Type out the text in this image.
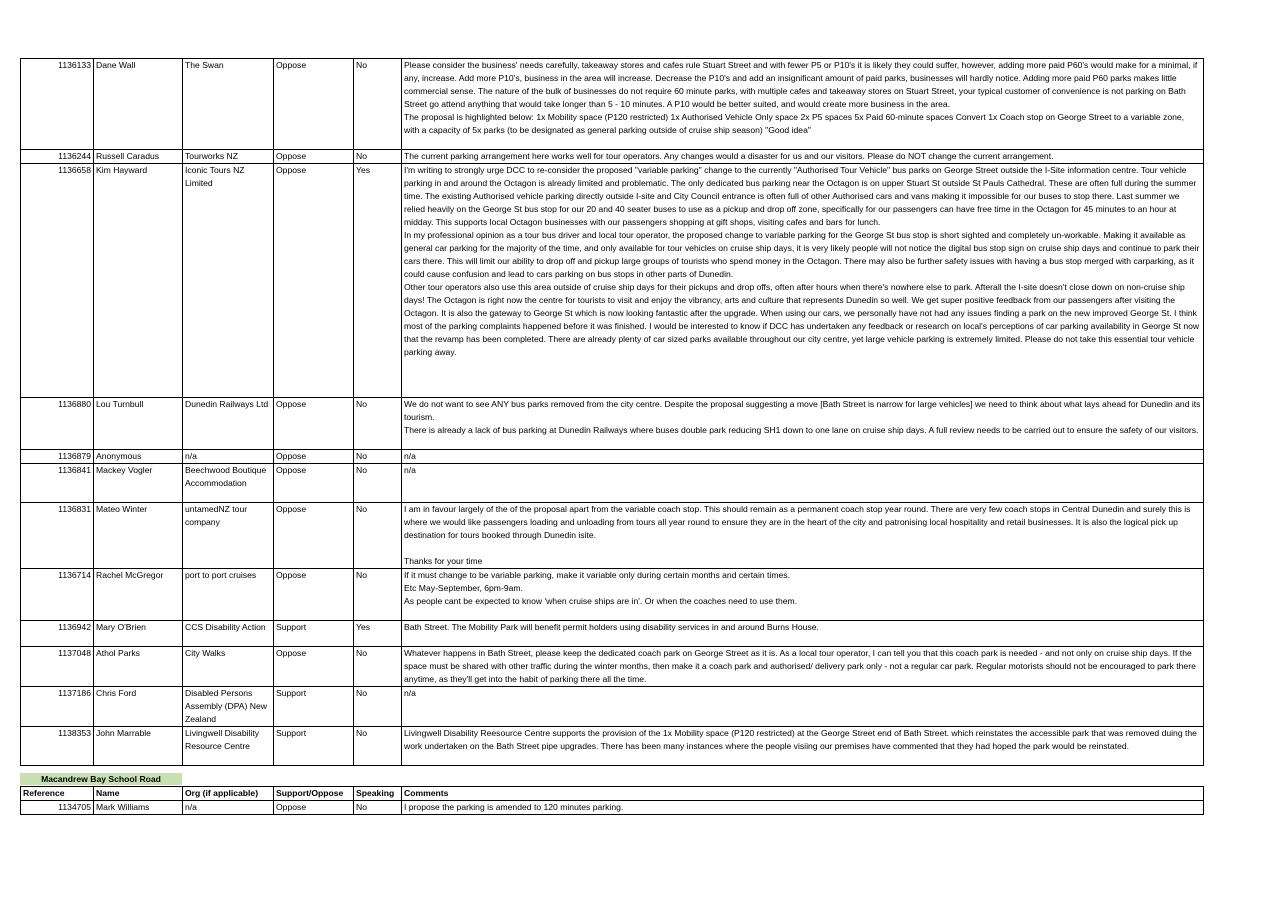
1136133	Dane Wall	The Swan	Oppose	No	Please consider the business' needs carefully, takeaway stores and cafes rule Stuart Street and with fewer P5 or P10's it is likely they could suffer, however, adding more paid P60's would make for a minimal, if any, increase. Add more P10's, business in the area will increase. Decrease the P10's and add an insignificant amount of paid parks, businesses will hardly notice. Adding more paid P60 parks makes little commercial sense. The nature of the bulk of businesses do not require 60 minute parks, with multiple cafes and takeaway stores on Stuart Street, your typical customer of convenience is not parking on Bath Street go attend anything that would take longer than 5 - 10 minutes. A P10 would be better suited, and would create more business in the area.

The proposal is highlighted below: 1x Mobility space (P120 restricted) 1x Authorised Vehicle Only space 2x P5 spaces 5x Paid 60-minute spaces Convert 1x Coach stop on George Street to a variable zone, with a capacity of 5x parks (to be designated as general parking outside of cruise ship season) "Good idea"

1136244	Russell Caradus	Tourworks NZ	Oppose	No	The current parking arrangement here works well for tour operators. Any changes would a disaster for us and our visitors. Please do NOT change the current arrangement.

1136658	Kim Hayward	Iconic Tours NZ Limited	Oppose	Yes	I'm writing to strongly urge DCC to re-consider the proposed "variable parking" change to the currently "Authorised Tour Vehicle" bus parks on George Street outside the I-Site information centre. Tour vehicle parking in and around the Octagon is already limited and problematic. The only dedicated bus parking near the Octagon is on upper Stuart St outside St Pauls Cathedral. These are often full during the summer time. The existing Authorised vehicle parking directly outside I-site and City Council entrance is often full of other Authorised cars and vans making it impossible for our buses to stop there. Last summer we relied heavily on the George St bus stop for our 20 and 40 seater buses to use as a pickup and drop off zone, specifically for our passengers can have free time in the Octagon for 45 minutes to an hour at midday. This supports local Octagon businesses with our passengers shopping at gift shops, visiting cafes and bars for lunch.

In my professional opinion as a tour bus driver and local tour operator, the proposed change to variable parking for the George St bus stop is short sighted and completely un-workable. Making it available as general car parking for the majority of the time, and only available for tour vehicles on cruise ship days, it is very likely people will not notice the digital bus stop sign on cruise ship days and continue to park their cars there. This will limit our ability to drop off and pickup large groups of tourists who spend money in the Octagon. There may also be further safety issues with having a bus stop merged with carparking, as it could cause confusion and lead to cars parking on bus stops in other parts of Dunedin.

Other tour operators also use this area outside of cruise ship days for their pickups and drop offs, often after hours when there's nowhere else to park. Afterall the I-site doesn't close down on non-cruise ship days! The Octagon is right now the centre for tourists to visit and enjoy the vibrancy, arts and culture that represents Dunedin so well. We get super positive feedback from our passengers after visiting the Octagon. It is also the gateway to George St which is now looking fantastic after the upgrade. When using our cars, we personally have not had any issues finding a park on the new improved George St. I think most of the parking complaints happened before it was finished. I would be interested to know if DCC has undertaken any feedback or research on local's perceptions of car parking availability in George St now that the revamp has been completed. There are already plenty of car sized parks available throughout our city centre, yet large vehicle parking is extremely limited. Please do not take this essential tour vehicle parking away.

1136880	Lou Turnbull	Dunedin Railways Ltd	Oppose	No	We do not want to see ANY bus parks removed from the city centre. Despite the proposal suggesting a move [Bath Street is narrow for large vehicles] we need to think about what lays ahead for Dunedin and its tourism.

There is already a lack of bus parking at Dunedin Railways where buses double park reducing SH1 down to one lane on cruise ship days. A full review needs to be carried out to ensure the safety of our visitors.

1136879	Anonymous	n/a	Oppose	No	n/a

1136841	Mackey Vogler	Beechwood Boutique Accommodation	Oppose	No	n/a

1136831	Mateo Winter	untamedNZ tour company	Oppose	No	I am in favour largely of the of the proposal apart from the variable coach stop. This should remain as a permanent coach stop year round. There are very few coach stops in Central Dunedin and surely this is where we would like passengers loading and unloading from tours all year round to ensure they are in the heart of the city and patronising local hospitality and retail businesses. It is also the logical pick up destination for tours booked through Dunedin isite.

Thanks for your time

1136714	Rachel McGregor	port to port cruises	Oppose	No	If it must change to be variable parking, make it variable only during certain months and certain times.

Etc May-September, 6pm-9am.

As people cant be expected to know 'when cruise ships are in'. Or when the coaches need to use them.

1136942	Mary O'Brien	CCS Disability Action	Support	Yes	Bath Street. The Mobility Park will benefit permit holders using disability services in and around Burns House.

1137048	Athol Parks	City Walks	Oppose	No	Whatever happens in Bath Street, please keep the dedicated coach park on George Street as it is. As a local tour operator, I can tell you that this coach park is needed - and not only on cruise ship days. If the space must be shared with other traffic during the winter months, then make it a coach park and authorised/ delivery park only - not a regular car park. Regular motorists should not be encouraged to park there anytime, as they'll get into the habit of parking there all the time.

1137186	Chris Ford	Disabled Persons Assembly (DPA) New Zealand	Support	No	n/a

1138353	John Marrable	Livingwell Disability Resource Centre	Support	No	Livingwell Disability Reesource Centre supports the provision of the 1x Mobility space (P120 restricted) at the George Street end of Bath Street. which reinstates the accessible park that was removed duing the work undertaken on the Bath Street pipe upgrades. There has been many instances where the people visiing our premises have commented that they had hoped the park would be reinstated.

Macandrew Bay School Road
Reference	Name	Org (if applicable)	Support/Oppose	Speaking	Comments
1134705	Mark Williams	n/a	Oppose	No	I propose the parking is amended to 120 minutes parking.
